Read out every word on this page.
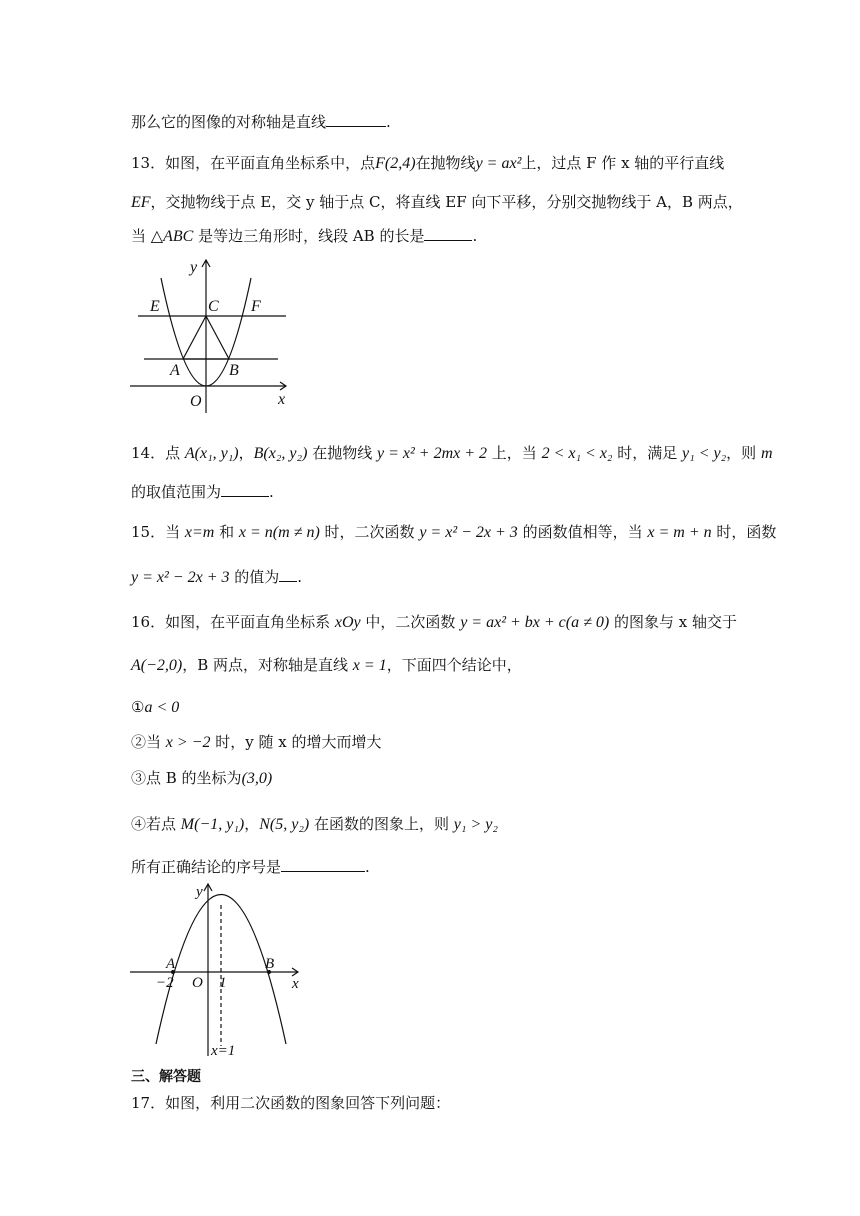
那么它的图像的对称轴是直线	.
13．如图，在平面直角坐标系中，点F(2,4)在抛物线y = ax²上，过点 F 作 x 轴的平行直线
EF，交抛物线于点 E，交 y 轴于点 C，将直线 EF 向下平移，分别交抛物线于 A，B 两点，
当 △ABC 是等边三角形时，线段 AB 的长是	.
y
x
E	C F
A	B
O
14．点 A(x₁, y₁)，B(x₂, y₂) 在抛物线 y = x² + 2mx + 2 上，当 2 < x₁ < x₂ 时，满足 y₁ < y₂，则 m
的取值范围为	.
15．当 x=m 和 x = n(m ≠ n) 时，二次函数 y = x² − 2x + 3 的函数值相等，当 x = m + n 时，函数
y = x² − 2x + 3 的值为 .
16．如图，在平面直角坐标系 xOy 中，二次函数 y = ax² + bx + c(a ≠ 0) 的图象与 x 轴交于
A(−2,0)，B 两点，对称轴是直线 x = 1，下面四个结论中，
①a < 0
②当 x > −2 时，y 随 x 的增大而增大
③点 B 的坐标为(3,0)
④若点 M(−1, y₁)，N(5, y₂) 在函数的图象上，则 y₁ > y₂
所有正确结论的序号是	.
y
x
A	B
O
−2	1
x=1
三、解答题
17．如图，利用二次函数的图象回答下列问题：
